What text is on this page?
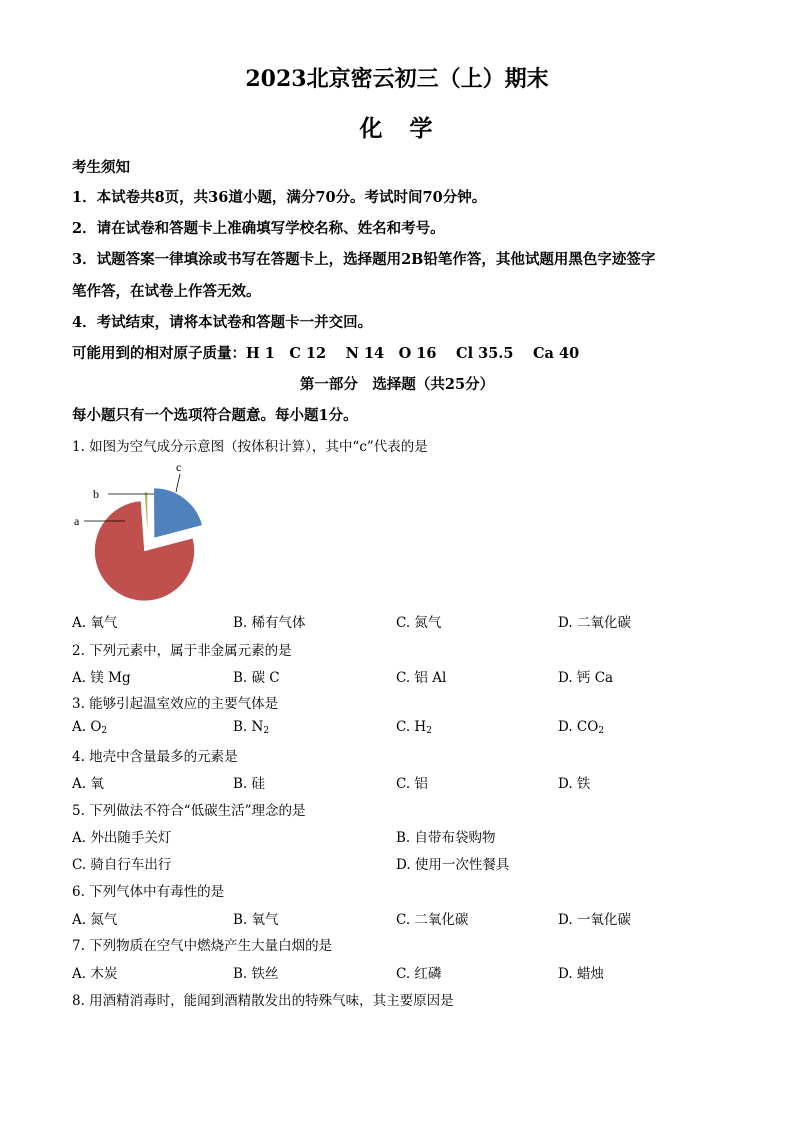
2023北京密云初三（上）期末
化　学
考生须知
1．本试卷共8页，共36道小题，满分70分。考试时间70分钟。
2．请在试卷和答题卡上准确填写学校名称、姓名和考号。
3．试题答案一律填涂或书写在答题卡上，选择题用2B铅笔作答，其他试题用黑色字迹签字
笔作答，在试卷上作答无效。
4．考试结束，请将本试卷和答题卡一并交回。
可能用到的相对原子质量：H 1　C 12　 N 14　O 16　 Cl 35.5　 Ca 40
第一部分　选择题（共25分）
每小题只有一个选项符合题意。每小题1分。
1. 如图为空气成分示意图（按体积计算），其中“c”代表的是
a
b
c
A. 氧气	B. 稀有气体	C. 氮气	D. 二氧化碳
2. 下列元素中，属于非金属元素的是
A. 镁 Mg	B. 碳 C	C. 铝 Al	D. 钙 Ca
3. 能够引起温室效应的主要气体是
A. $O_2$	B. $N_2$	C. $H_2$	D. $CO_2$
4. 地壳中含量最多的元素是
A. 氧	B. 硅	C. 铝	D. 铁
5. 下列做法不符合“低碳生活”理念的是
A. 外出随手关灯	B. 自带布袋购物
C. 骑自行车出行	D. 使用一次性餐具
6. 下列气体中有毒性的是
A. 氮气	B. 氧气	C. 二氧化碳	D. 一氧化碳
7. 下列物质在空气中燃烧产生大量白烟的是
A. 木炭	B. 铁丝	C. 红磷	D. 蜡烛
8. 用酒精消毒时，能闻到酒精散发出的特殊气味，其主要原因是
